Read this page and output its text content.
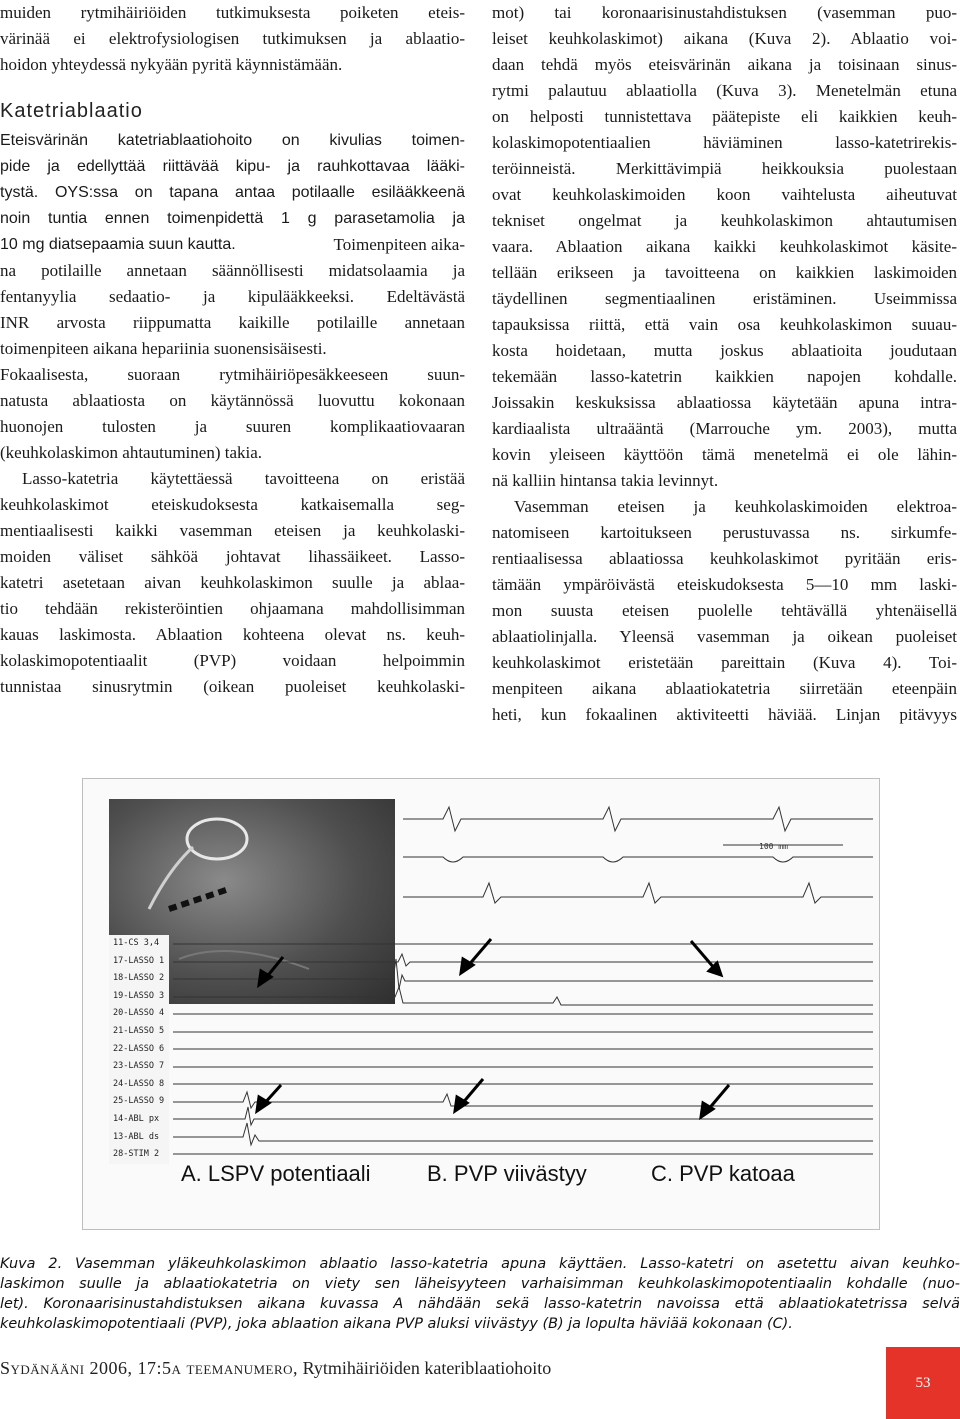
muiden rytmihäiriöiden tutkimuksesta poiketen eteis-
värinää ei elektrofysiologisen tutkimuksen ja ablaatio-
hoidon yhteydessä nykyään pyritä käynnistämään.
Katetriablaatio
Eteisvärinän katetriablaatiohoito on kivulias toimen-
pide ja edellyttää riittävää kipu- ja rauhkottavaa lääki-
tystä. OYS:ssa on tapana antaa potilaalle esilääkkeenä
noin tuntia ennen toimenpidettä 1 g parasetamolia ja
10 mg diatsepaamia suun kautta.	Toimenpiteen aika-
na potilaille annetaan säännöllisesti midatsolaamia ja
fentanyylia sedaatio- ja kipulääkkeeksi. Edeltävästä
INR arvosta riippumatta kaikille potilaille annetaan
toimenpiteen aikana hepariinia suonensisäisesti.
Fokaalisesta, suoraan rytmihäiriöpesäkkeeseen suun-
natusta ablaatiosta on käytännössä luovuttu kokonaan
huonojen tulosten ja suuren komplikaatiovaaran
(keuhkolaskimon ahtautuminen) takia.
Lasso-katetria käytettäessä tavoitteena on eristää
keuhkolaskimot eteiskudoksesta katkaisemalla seg-
mentiaalisesti kaikki vasemman eteisen ja keuhkolaski-
moiden väliset sähköä johtavat lihassäikeet. Lasso-
katetri asetetaan aivan keuhkolaskimon suulle ja ablaa-
tio tehdään rekisteröintien ohjaamana mahdollisimman
kauas laskimosta. Ablaation kohteena olevat ns. keuh-
kolaskimopotentiaalit (PVP) voidaan helpoimmin
tunnistaa sinusrytmin (oikean puoleiset keuhkolaski-
mot) tai koronaarisinustahdistuksen (vasemman puo-
leiset keuhkolaskimot) aikana (Kuva 2). Ablaatio voi-
daan tehdä myös eteisvärinän aikana ja toisinaan sinus-
rytmi palautuu ablaatiolla (Kuva 3). Menetelmän etuna
on helposti tunnistettava päätepiste eli kaikkien keuh-
kolaskimopotentiaalien häviäminen lasso-katetrirekis-
teröinneistä. Merkittävimpiä heikkouksia puolestaan
ovat keuhkolaskimoiden koon vaihtelusta aiheutuvat
tekniset ongelmat ja keuhkolaskimon ahtautumisen
vaara. Ablaation aikana kaikki keuhkolaskimot käsite-
tellään erikseen ja tavoitteena on kaikkien laskimoiden
täydellinen segmentiaalinen eristäminen. Useimmissa
tapauksissa riittä, että vain osa keuhkolaskimon suuau-
kosta hoidetaan, mutta joskus ablaatioita joudutaan
tekemään lasso-katetrin kaikkien napojen kohdalle.
Joissakin keskuksissa ablaatiossa käytetään apuna intra-
kardiaalista ultraääntä (Marrouche ym. 2003), mutta
kovin yleiseen käyttöön tämä menetelmä ei ole lähin-
nä kalliin hintansa takia levinnyt.
Vasemman eteisen ja keuhkolaskimoiden elektroa-
natomiseen kartoitukseen perustuvassa ns. sirkumfe-
rentiaalisessa ablaatiossa keuhkolaskimot pyritään eris-
tämään ympäröivästä eteiskudoksesta 5—10 mm laski-
mon suusta eteisen puolelle tehtävällä yhtenäisellä
ablaatiolinjalla. Yleensä vasemman ja oikean puoleiset
keuhkolaskimot eristetään pareittain (Kuva 4). Toi-
menpiteen aikana ablaatiokatetria siirretään eteenpäin
heti, kun fokaalinen aktiviteetti häviää. Linjan pitävyys
100 mm
11-CS 3,4
17-LASSO 1
18-LASSO 2
19-LASSO 3
20-LASSO 4
21-LASSO 5
22-LASSO 6
23-LASSO 7
24-LASSO 8
25-LASSO 9
14-ABL px
13-ABL ds
28-STIM 2
A. LSPV potentiaali	B. PVP viivästyy	C. PVP katoaa
Kuva 2. Vasemman yläkeuhkolaskimon ablaatio lasso-katetria apuna käyttäen. Lasso-katetri on asetettu aivan keuhko-
laskimon suulle ja ablaatiokatetria on viety sen läheisyyteen varhaisimman keuhkolaskimopotentiaalin kohdalle (nuo-
let). Koronaarisinustahdistuksen aikana kuvassa A nähdään sekä lasso-katetrin navoissa että ablaatiokatetrissa selvä
keuhkolaskimopotentiaali (PVP), joka ablaation aikana PVP aluksi viivästyy (B) ja lopulta häviää kokonaan (C).
Sydänääni 2006, 17:5a teemanumero, Rytmihäiriöiden kateriblaatiohoito
53
